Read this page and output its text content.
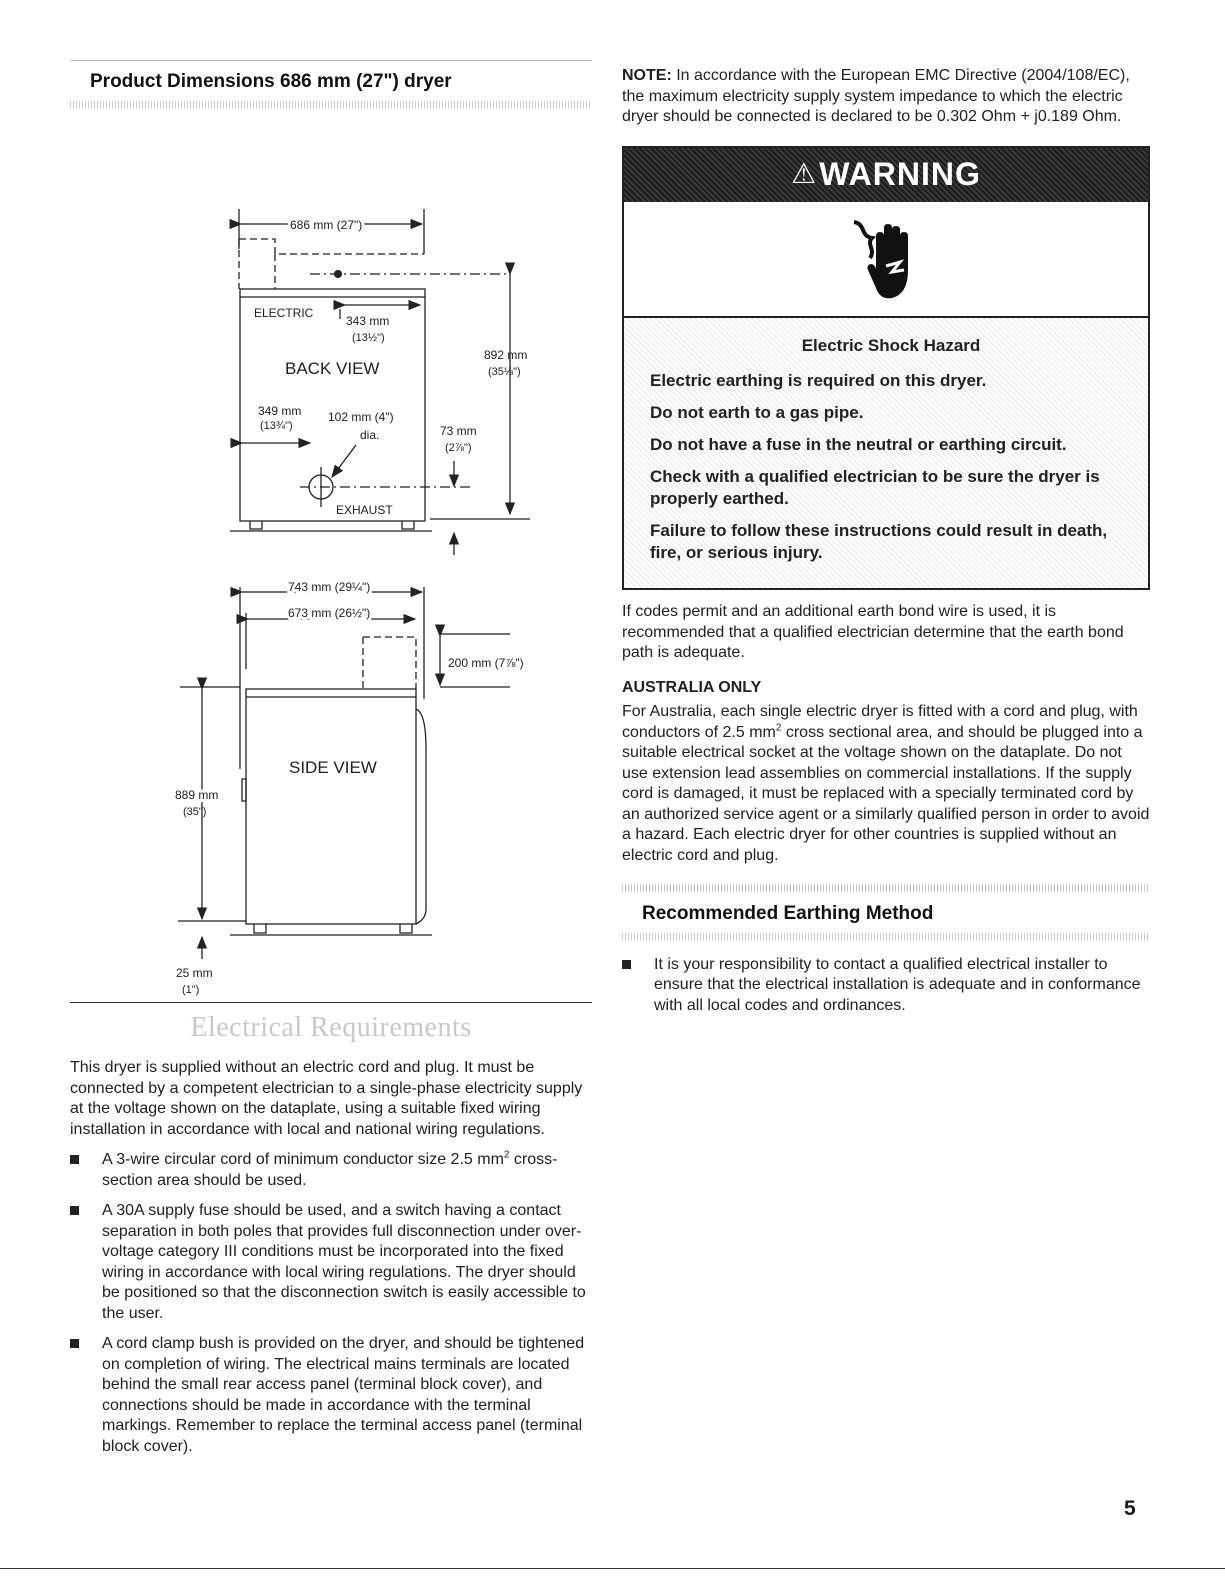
Product Dimensions 686 mm (27") dryer
686 mm (27")
ELECTRIC
343 mm
(13½")
BACK VIEW
892 mm
(35⅛")
349 mm
(13¾")
102 mm (4")
dia.
EXHAUST
73 mm
(2⅞")
743 mm (29¼")
673 mm (26½")
200 mm (7⅞")
SIDE VIEW
889 mm
(35")
25 mm
(1")
Electrical Requirements

This dryer is supplied without an electric cord and plug. It must be connected by a competent electrician to a single-phase electricity supply at the voltage shown on the dataplate, using a suitable fixed wiring installation in accordance with local and national wiring regulations.

A 3-wire circular cord of minimum conductor size 2.5 $mm^2$ cross-section area should be used.
A 30A supply fuse should be used, and a switch having a contact separation in both poles that provides full disconnection under over-voltage category III conditions must be incorporated into the fixed wiring in accordance with local wiring regulations. The dryer should be positioned so that the disconnection switch is easily accessible to the user.
A cord clamp bush is provided on the dryer, and should be tightened on completion of wiring. The electrical mains terminals are located behind the small rear access panel (terminal block cover), and connections should be made in accordance with the terminal markings. Remember to replace the terminal access panel (terminal block cover).

NOTE: In accordance with the European EMC Directive (2004/108/EC), the maximum electricity supply system impedance to which the electric dryer should be connected is declared to be 0.302 Ohm + j0.189 Ohm.

⚠ WARNING

Electric Shock Hazard

Electric earthing is required on this dryer.

Do not earth to a gas pipe.

Do not have a fuse in the neutral or earthing circuit.

Check with a qualified electrician to be sure the dryer is properly earthed.

Failure to follow these instructions could result in death, fire, or serious injury.

If codes permit and an additional earth bond wire is used, it is recommended that a qualified electrician determine that the earth bond path is adequate.

AUSTRALIA ONLY

For Australia, each single electric dryer is fitted with a cord and plug, with conductors of 2.5 $mm^2$ cross sectional area, and should be plugged into a suitable electrical socket at the voltage shown on the dataplate. Do not use extension lead assemblies on commercial installations. If the supply cord is damaged, it must be replaced with a specially terminated cord by an authorized service agent or a similarly qualified person in order to avoid a hazard. Each electric dryer for other countries is supplied without an electric cord and plug.

Recommended Earthing Method
It is your responsibility to contact a qualified electrical installer to ensure that the electrical installation is adequate and in conformance with all local codes and ordinances.
5
